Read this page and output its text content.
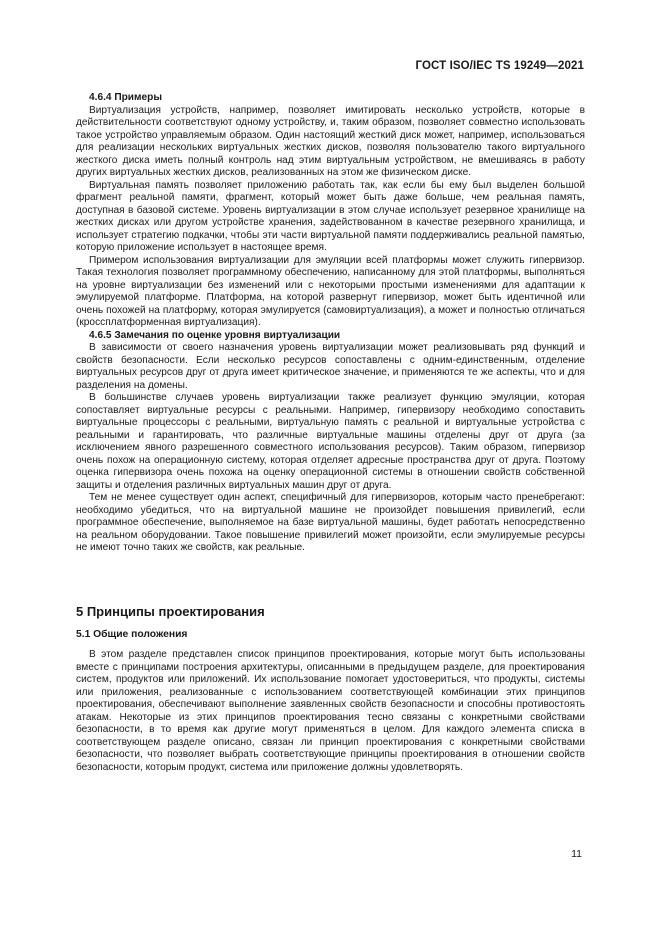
ГОСТ ISO/IEC TS 19249—2021
4.6.4 Примеры

Виртуализация устройств, например, позволяет имитировать несколько устройств, которые в действительности соответствуют одному устройству, и, таким образом, позволяет совместно использовать такое устройство управляемым образом. Один настоящий жесткий диск может, например, использоваться для реализации нескольких виртуальных жестких дисков, позволяя пользователю такого виртуального жесткого диска иметь полный контроль над этим виртуальным устройством, не вмешиваясь в работу других виртуальных жестких дисков, реализованных на этом же физическом диске.

Виртуальная память позволяет приложению работать так, как если бы ему был выделен большой фрагмент реальной памяти, фрагмент, который может быть даже больше, чем реальная память, доступная в базовой системе. Уровень виртуализации в этом случае использует резервное хранилище на жестких дисках или другом устройстве хранения, задействованном в качестве резервного хранилища, и использует стратегию подкачки, чтобы эти части виртуальной памяти поддерживались реальной памятью, которую приложение использует в настоящее время.

Примером использования виртуализации для эмуляции всей платформы может служить гипервизор. Такая технология позволяет программному обеспечению, написанному для этой платформы, выполняться на уровне виртуализации без изменений или с некоторыми простыми изменениями для адаптации к эмулируемой платформе. Платформа, на которой развернут гипервизор, может быть идентичной или очень похожей на платформу, которая эмулируется (самовиртуализация), а может и полностью отличаться (кроссплатформенная виртуализация).

4.6.5 Замечания по оценке уровня виртуализации

В зависимости от своего назначения уровень виртуализации может реализовывать ряд функций и свойств безопасности. Если несколько ресурсов сопоставлены с одним-единственным, отделение виртуальных ресурсов друг от друга имеет критическое значение, и применяются те же аспекты, что и для разделения на домены.

В большинстве случаев уровень виртуализации также реализует функцию эмуляции, которая сопоставляет виртуальные ресурсы с реальными. Например, гипервизору необходимо сопоставить виртуальные процессоры с реальными, виртуальную память с реальной и виртуальные устройства с реальными и гарантировать, что различные виртуальные машины отделены друг от друга (за исключением явного разрешенного совместного использования ресурсов). Таким образом, гипервизор очень похож на операционную систему, которая отделяет адресные пространства друг от друга. Поэтому оценка гипервизора очень похожа на оценку операционной системы в отношении свойств собственной защиты и отделения различных виртуальных машин друг от друга.

Тем не менее существует один аспект, специфичный для гипервизоров, которым часто пренебрегают: необходимо убедиться, что на виртуальной машине не произойдет повышения привилегий, если программное обеспечение, выполняемое на базе виртуальной машины, будет работать непосредственно на реальном оборудовании. Такое повышение привилегий может произойти, если эмулируемые ресурсы не имеют точно таких же свойств, как реальные.

5 Принципы проектирования
5.1 Общие положения

В этом разделе представлен список принципов проектирования, которые могут быть использованы вместе с принципами построения архитектуры, описанными в предыдущем разделе, для проектирования систем, продуктов или приложений. Их использование помогает удостовериться, что продукты, системы или приложения, реализованные с использованием соответствующей комбинации этих принципов проектирования, обеспечивают выполнение заявленных свойств безопасности и способны противостоять атакам. Некоторые из этих принципов проектирования тесно связаны с конкретными свойствами безопасности, в то время как другие могут применяться в целом. Для каждого элемента списка в соответствующем разделе описано, связан ли принцип проектирования с конкретными свойствами безопасности, что позволяет выбрать соответствующие принципы проектирования в отношении свойств безопасности, которым продукт, система или приложение должны удовлетворять.

11
